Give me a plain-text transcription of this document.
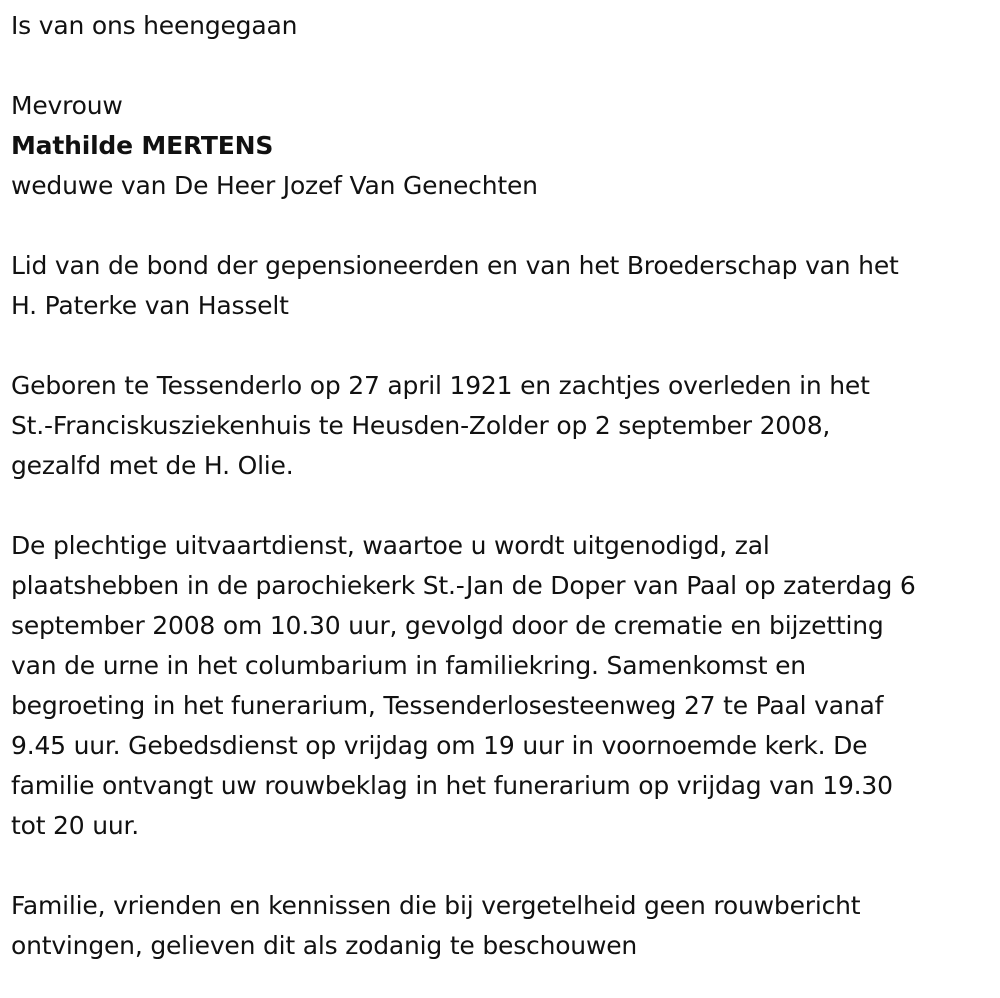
Is van ons heengegaan
Mevrouw
Mathilde MERTENS
weduwe van De Heer Jozef Van Genechten
Lid van de bond der gepensioneerden en van het Broederschap van het
H. Paterke van Hasselt
Geboren te Tessenderlo op 27 april 1921 en zachtjes overleden in het
St.-Franciskusziekenhuis te Heusden-Zolder op 2 september 2008,
gezalfd met de H. Olie.
De plechtige uitvaartdienst, waartoe u wordt uitgenodigd, zal
plaatshebben in de parochiekerk St.-Jan de Doper van Paal op zaterdag 6
september 2008 om 10.30 uur, gevolgd door de crematie en bijzetting
van de urne in het columbarium in familiekring. Samenkomst en
begroeting in het funerarium, Tessenderlosesteenweg 27 te Paal vanaf
9.45 uur. Gebedsdienst op vrijdag om 19 uur in voornoemde kerk. De
familie ontvangt uw rouwbeklag in het funerarium op vrijdag van 19.30
tot 20 uur.
Familie, vrienden en kennissen die bij vergetelheid geen rouwbericht
ontvingen, gelieven dit als zodanig te beschouwen
